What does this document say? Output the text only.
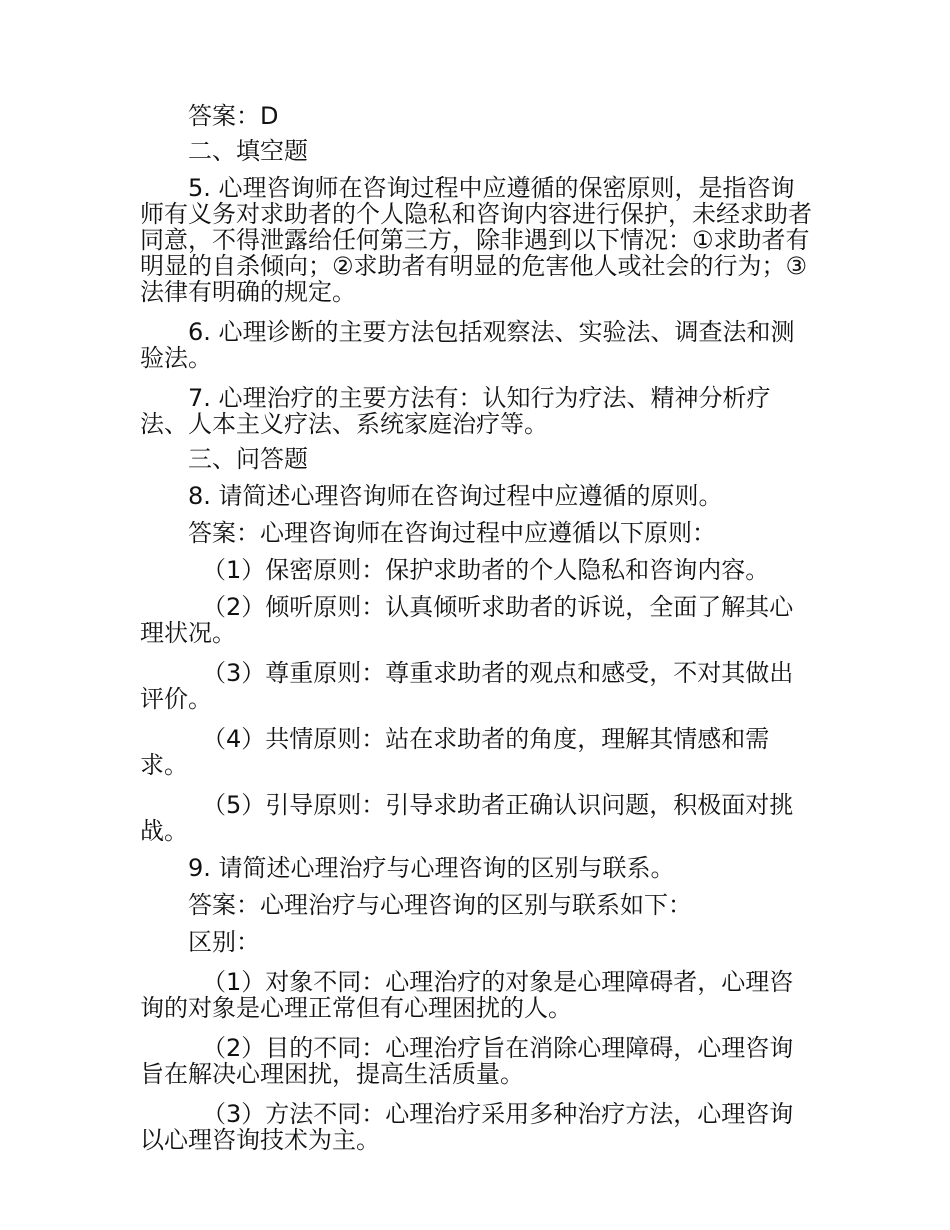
答案：D

二、填空题

5. 心理咨询师在咨询过程中应遵循的保密原则，是指咨询师有义务对求助者的个人隐私和咨询内容进行保护，未经求助者同意，不得泄露给任何第三方，除非遇到以下情况：①求助者有明显的自杀倾向；②求助者有明显的危害他人或社会的行为；③法律有明确的规定。

6. 心理诊断的主要方法包括观察法、实验法、调查法和测验法。

7. 心理治疗的主要方法有：认知行为疗法、精神分析疗法、人本主义疗法、系统家庭治疗等。

三、问答题

8. 请简述心理咨询师在咨询过程中应遵循的原则。

答案：心理咨询师在咨询过程中应遵循以下原则：

（1）保密原则：保护求助者的个人隐私和咨询内容。

（2）倾听原则：认真倾听求助者的诉说，全面了解其心理状况。

（3）尊重原则：尊重求助者的观点和感受，不对其做出评价。

（4）共情原则：站在求助者的角度，理解其情感和需求。

（5）引导原则：引导求助者正确认识问题，积极面对挑战。

9. 请简述心理治疗与心理咨询的区别与联系。

答案：心理治疗与心理咨询的区别与联系如下：

区别：

（1）对象不同：心理治疗的对象是心理障碍者，心理咨询的对象是心理正常但有心理困扰的人。

（2）目的不同：心理治疗旨在消除心理障碍，心理咨询旨在解决心理困扰，提高生活质量。

（3）方法不同：心理治疗采用多种治疗方法，心理咨询以心理咨询技术为主。
